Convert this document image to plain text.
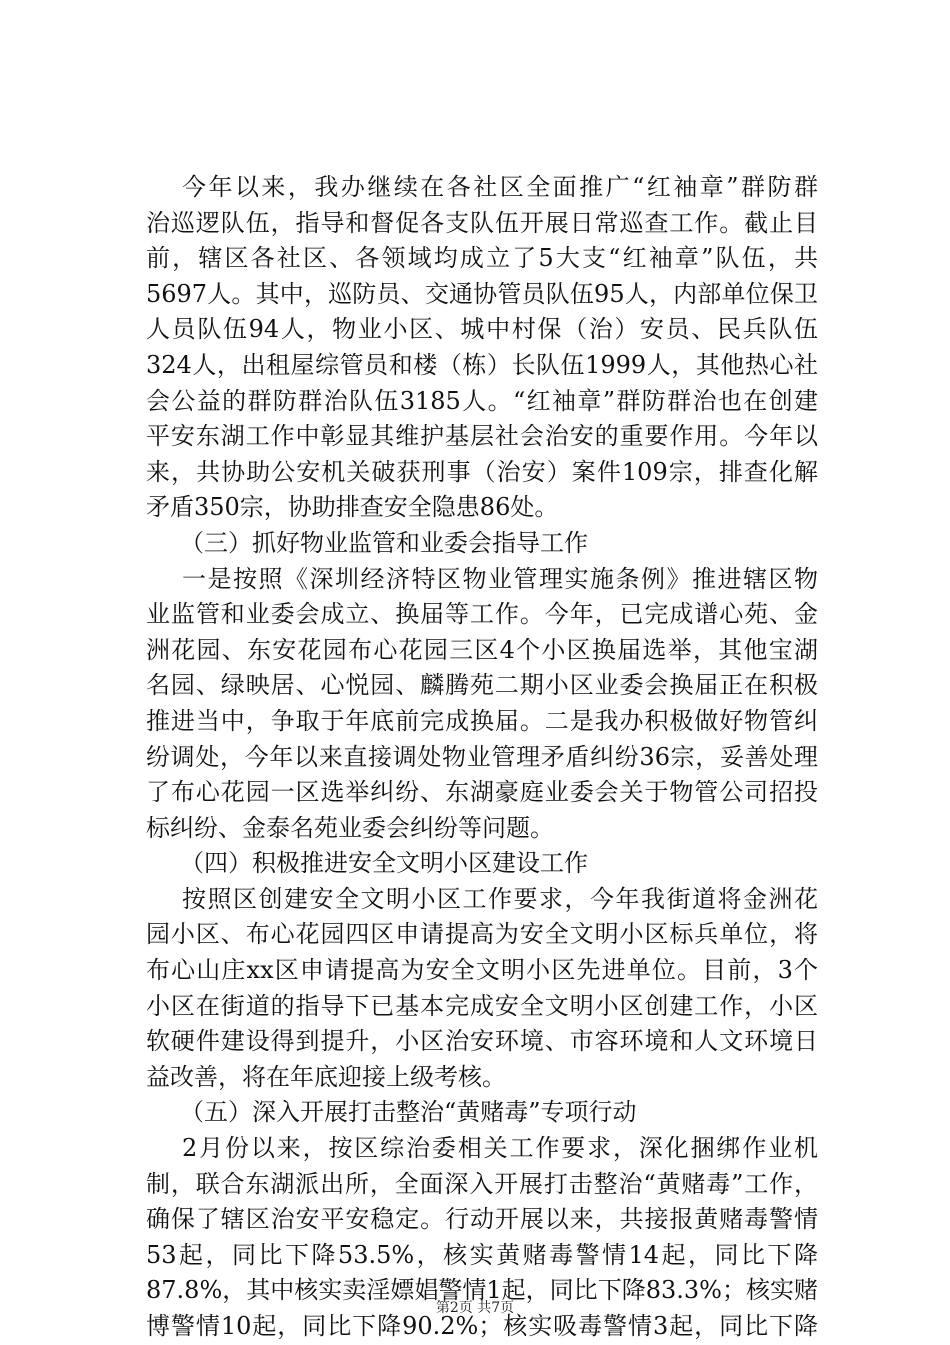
今年以来，我办继续在各社区全面推广“红袖章”群防群
治巡逻队伍，指导和督促各支队伍开展日常巡查工作。截止目
前，辖区各社区、各领域均成立了5大支“红袖章”队伍，共
5697人。其中，巡防员、交通协管员队伍95人，内部单位保卫
人员队伍94人，物业小区、城中村保（治）安员、民兵队伍
324人，出租屋综管员和楼（栋）长队伍1999人，其他热心社
会公益的群防群治队伍3185人。“红袖章”群防群治也在创建
平安东湖工作中彰显其维护基层社会治安的重要作用。今年以
来，共协助公安机关破获刑事（治安）案件109宗，排查化解
矛盾350宗，协助排查安全隐患86处。
（三）抓好物业监管和业委会指导工作
一是按照《深圳经济特区物业管理实施条例》推进辖区物
业监管和业委会成立、换届等工作。今年，已完成谱心苑、金
洲花园、东安花园布心花园三区4个小区换届选举，其他宝湖
名园、绿映居、心悦园、麟腾苑二期小区业委会换届正在积极
推进当中，争取于年底前完成换届。二是我办积极做好物管纠
纷调处，今年以来直接调处物业管理矛盾纠纷36宗，妥善处理
了布心花园一区选举纠纷、东湖豪庭业委会关于物管公司招投
标纠纷、金泰名苑业委会纠纷等问题。
（四）积极推进安全文明小区建设工作
按照区创建安全文明小区工作要求，今年我街道将金洲花
园小区、布心花园四区申请提高为安全文明小区标兵单位，将
布心山庄xx区申请提高为安全文明小区先进单位。目前，3个
小区在街道的指导下已基本完成安全文明小区创建工作，小区
软硬件建设得到提升，小区治安环境、市容环境和人文环境日
益改善，将在年底迎接上级考核。
（五）深入开展打击整治“黄赌毒”专项行动
2月份以来，按区综治委相关工作要求，深化捆绑作业机
制，联合东湖派出所，全面深入开展打击整治“黄赌毒”工作，
确保了辖区治安平安稳定。行动开展以来，共接报黄赌毒警情
53起，同比下降53.5%，核实黄赌毒警情14起，同比下降
87.8%，其中核实卖淫嫖娼警情1起，同比下降83.3%；核实赌
博警情10起，同比下降90.2%；核实吸毒警情3起，同比下降
第2页 共7页
